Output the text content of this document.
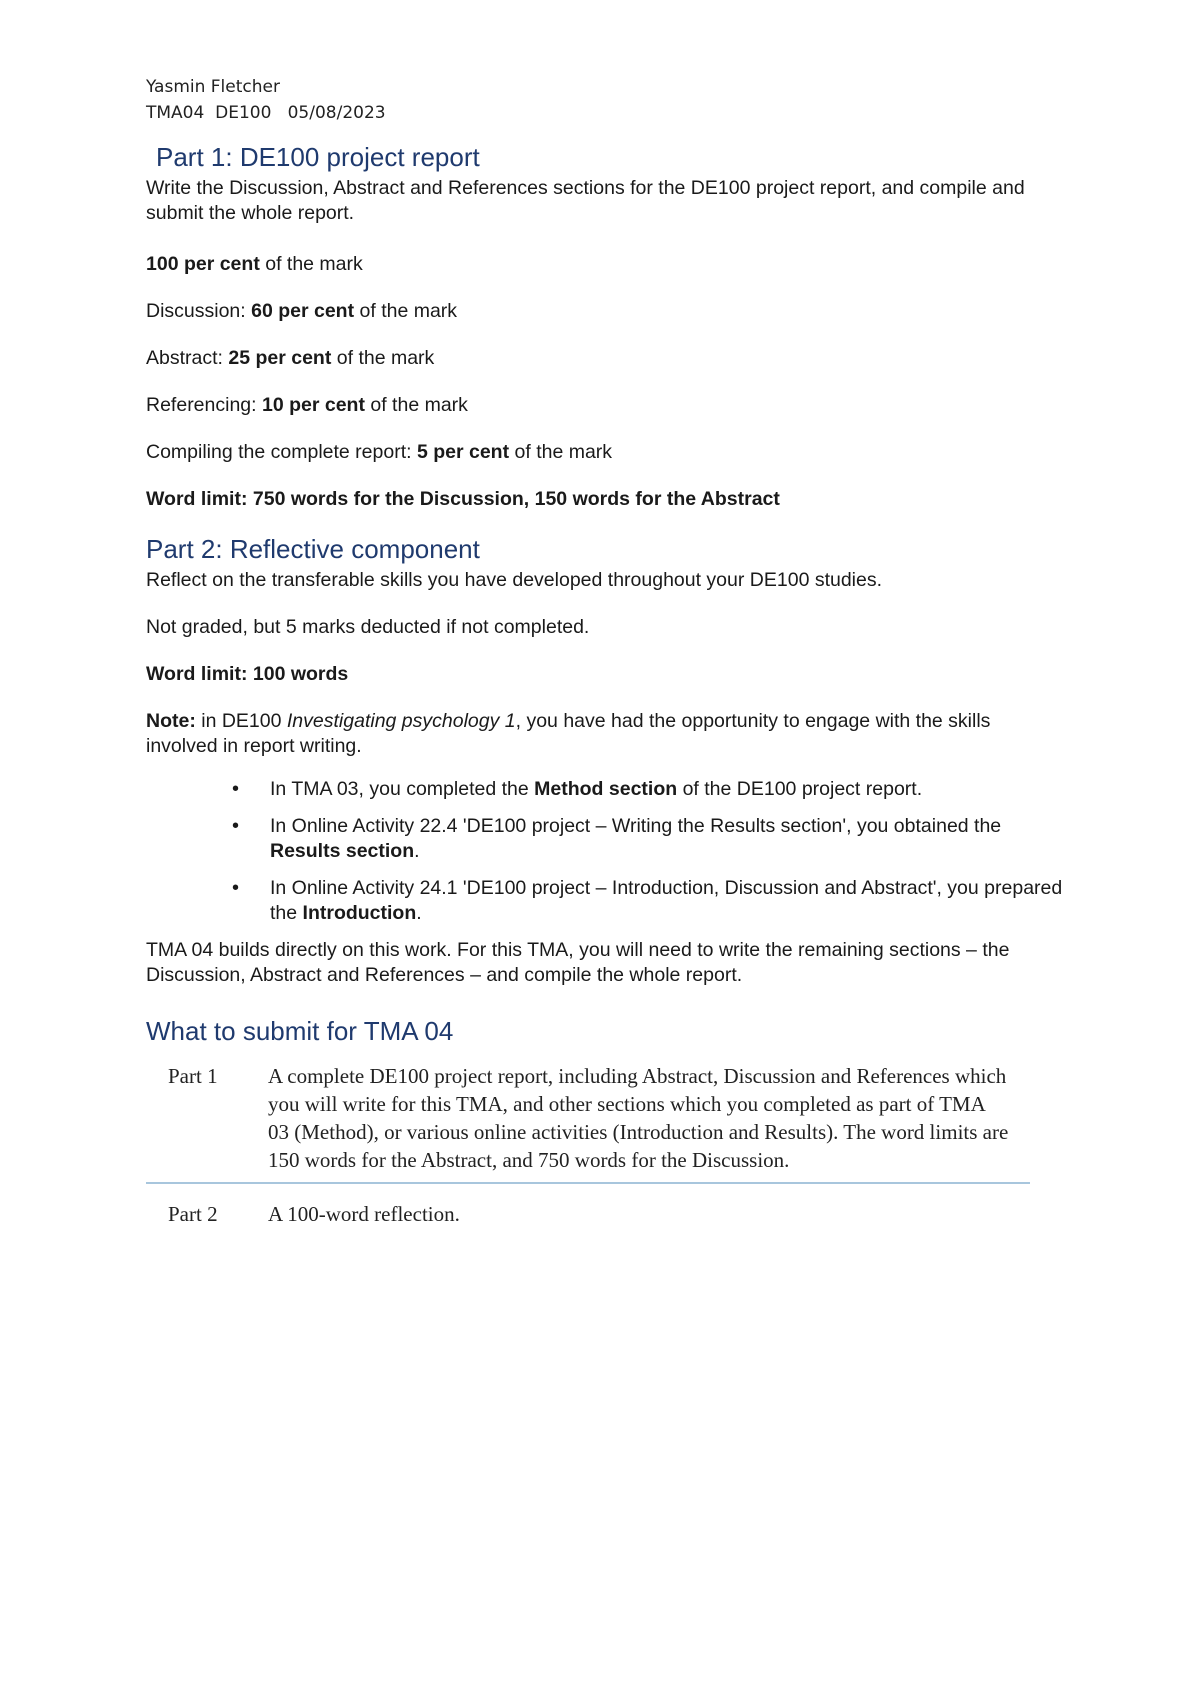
Yasmin Fletcher
TMA04  DE100   05/08/2023
Part 1: DE100 project report

Write the Discussion, Abstract and References sections for the DE100 project report, and compile and submit the whole report.

100 per cent of the mark

Discussion: 60 per cent of the mark

Abstract: 25 per cent of the mark

Referencing: 10 per cent of the mark

Compiling the complete report: 5 per cent of the mark

Word limit: 750 words for the Discussion, 150 words for the Abstract

Part 2: Reflective component

Reflect on the transferable skills you have developed throughout your DE100 studies.

Not graded, but 5 marks deducted if not completed.

Word limit: 100 words

Note: in DE100 Investigating psychology 1, you have had the opportunity to engage with the skills involved in report writing.

• In TMA 03, you completed the Method section of the DE100 project report.
• In Online Activity 22.4 'DE100 project – Writing the Results section', you obtained the Results section.
• In Online Activity 24.1 'DE100 project – Introduction, Discussion and Abstract', you prepared the Introduction.

TMA 04 builds directly on this work. For this TMA, you will need to write the remaining sections – the Discussion, Abstract and References – and compile the whole report.

What to submit for TMA 04
Part 1	A complete DE100 project report, including Abstract, Discussion and References which you will write for this TMA, and other sections which you completed as part of TMA 03 (Method), or various online activities (Introduction and Results). The word limits are 150 words for the Abstract, and 750 words for the Discussion.
Part 2	A 100-word reflection.
